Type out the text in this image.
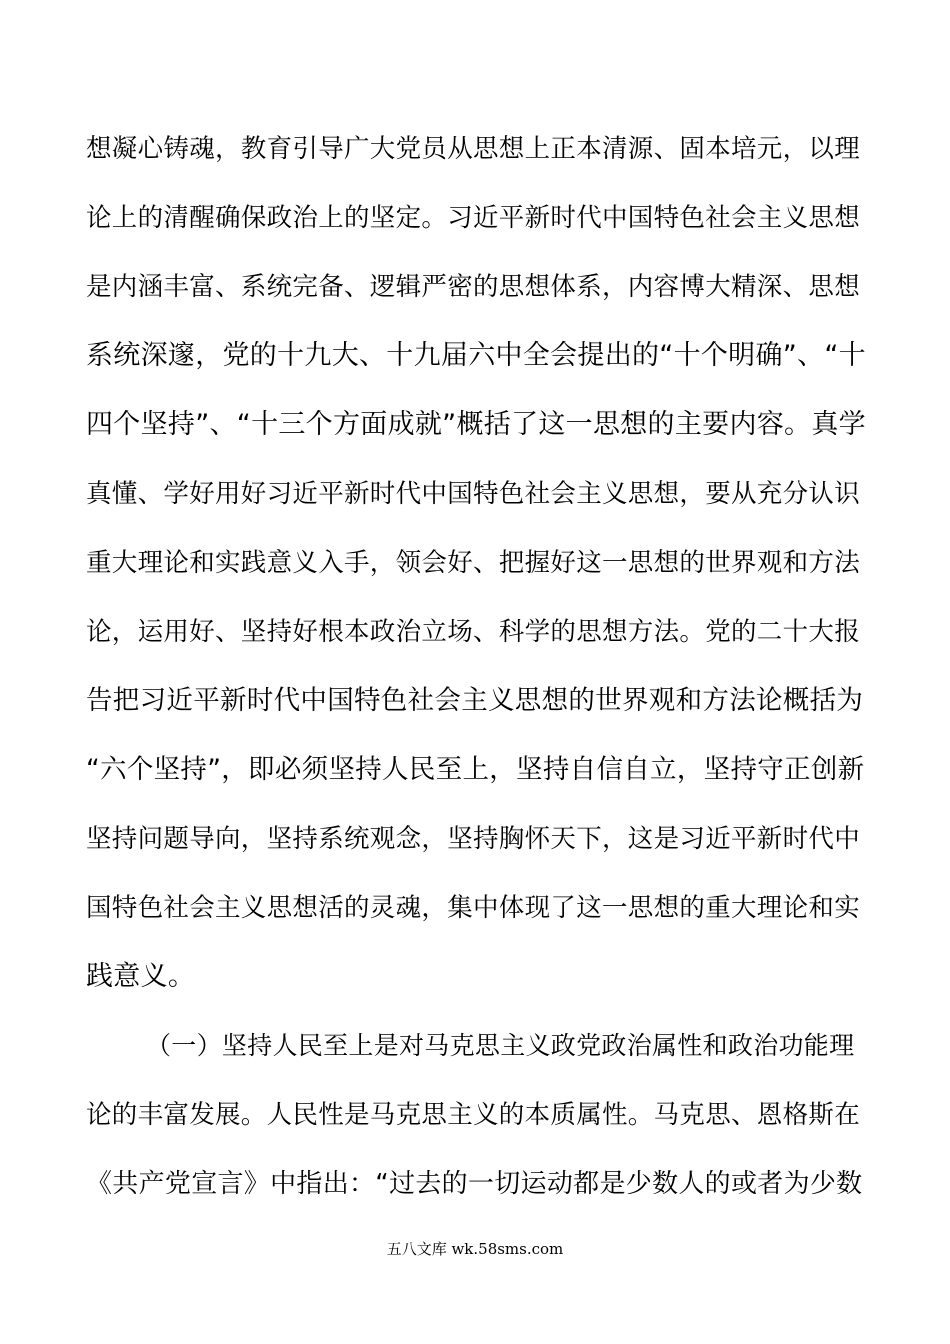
想凝心铸魂，教育引导广大党员从思想上正本清源、固本培元，以理
论上的清醒确保政治上的坚定。习近平新时代中国特色社会主义思想
是内涵丰富、系统完备、逻辑严密的思想体系，内容博大精深、思想
系统深邃，党的十九大、十九届六中全会提出的“十个明确”、“十
四个坚持”、“十三个方面成就”概括了这一思想的主要内容。真学
真懂、学好用好习近平新时代中国特色社会主义思想，要从充分认识
重大理论和实践意义入手，领会好、把握好这一思想的世界观和方法
论，运用好、坚持好根本政治立场、科学的思想方法。党的二十大报
告把习近平新时代中国特色社会主义思想的世界观和方法论概括为
“六个坚持”，即必须坚持人民至上，坚持自信自立，坚持守正创新
坚持问题导向，坚持系统观念，坚持胸怀天下，这是习近平新时代中
国特色社会主义思想活的灵魂，集中体现了这一思想的重大理论和实
践意义。
（一）坚持人民至上是对马克思主义政党政治属性和政治功能理
论的丰富发展。人民性是马克思主义的本质属性。马克思、恩格斯在
《共产党宣言》中指出：“过去的一切运动都是少数人的或者为少数
五八文库 wk.58sms.com
